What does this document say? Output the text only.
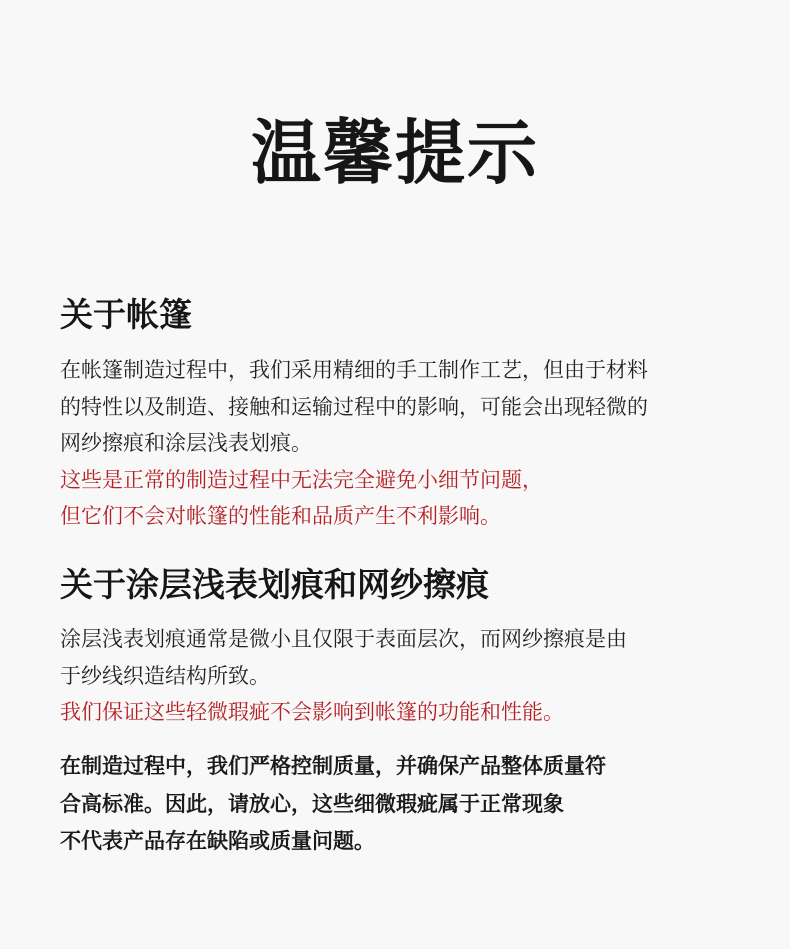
温馨提示
关于帐篷

在帐篷制造过程中，我们采用精细的手工制作工艺，但由于材料

的特性以及制造、接触和运输过程中的影响，可能会出现轻微的

网纱擦痕和涂层浅表划痕。

这些是正常的制造过程中无法完全避免小细节问题，

但它们不会对帐篷的性能和品质产生不利影响。

关于涂层浅表划痕和网纱擦痕

涂层浅表划痕通常是微小且仅限于表面层次，而网纱擦痕是由

于纱线织造结构所致。

我们保证这些轻微瑕疵不会影响到帐篷的功能和性能。

在制造过程中，我们严格控制质量，并确保产品整体质量符

合高标准。因此，请放心，这些细微瑕疵属于正常现象

不代表产品存在缺陷或质量问题。
